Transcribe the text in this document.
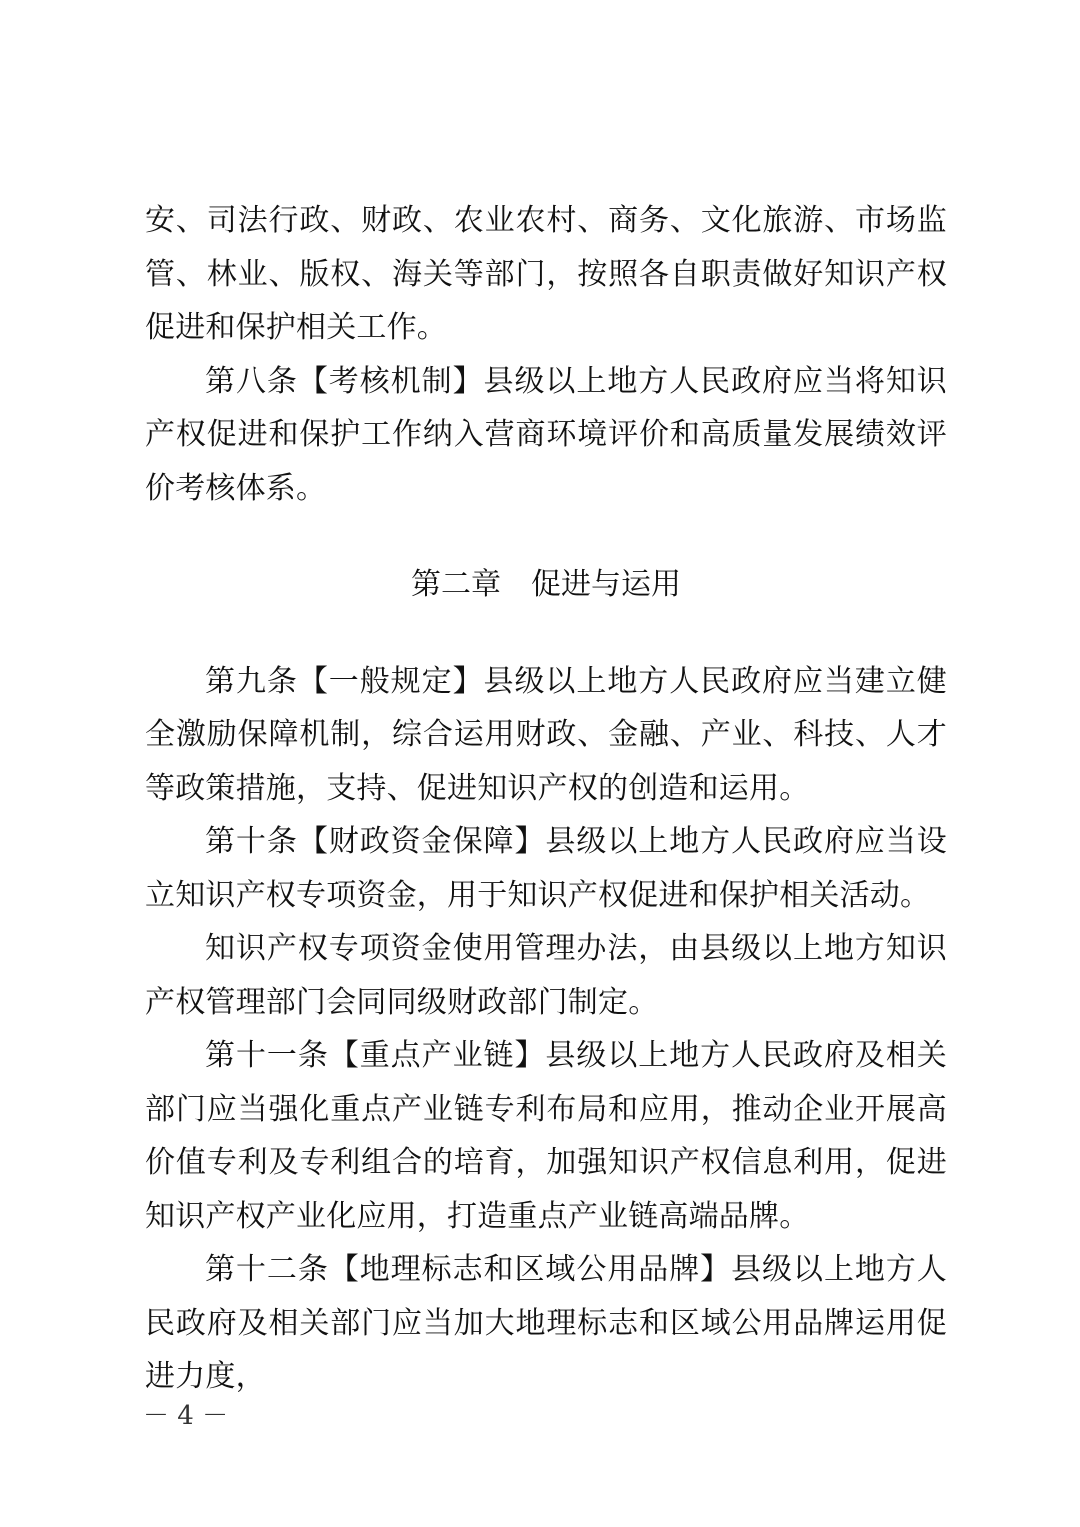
安、司法行政、财政、农业农村、商务、文化旅游、市场监管、林业、版权、海关等部门，按照各自职责做好知识产权促进和保护相关工作。

第八条【考核机制】县级以上地方人民政府应当将知识产权促进和保护工作纳入营商环境评价和高质量发展绩效评价考核体系。

第二章　促进与运用

第九条【一般规定】县级以上地方人民政府应当建立健全激励保障机制，综合运用财政、金融、产业、科技、人才等政策措施，支持、促进知识产权的创造和运用。

第十条【财政资金保障】县级以上地方人民政府应当设立知识产权专项资金，用于知识产权促进和保护相关活动。

知识产权专项资金使用管理办法，由县级以上地方知识产权管理部门会同同级财政部门制定。

第十一条【重点产业链】县级以上地方人民政府及相关部门应当强化重点产业链专利布局和应用，推动企业开展高价值专利及专利组合的培育，加强知识产权信息利用，促进知识产权产业化应用，打造重点产业链高端品牌。

第十二条【地理标志和区域公用品牌】县级以上地方人民政府及相关部门应当加大地理标志和区域公用品牌运用促进力度，

－ 4 －
